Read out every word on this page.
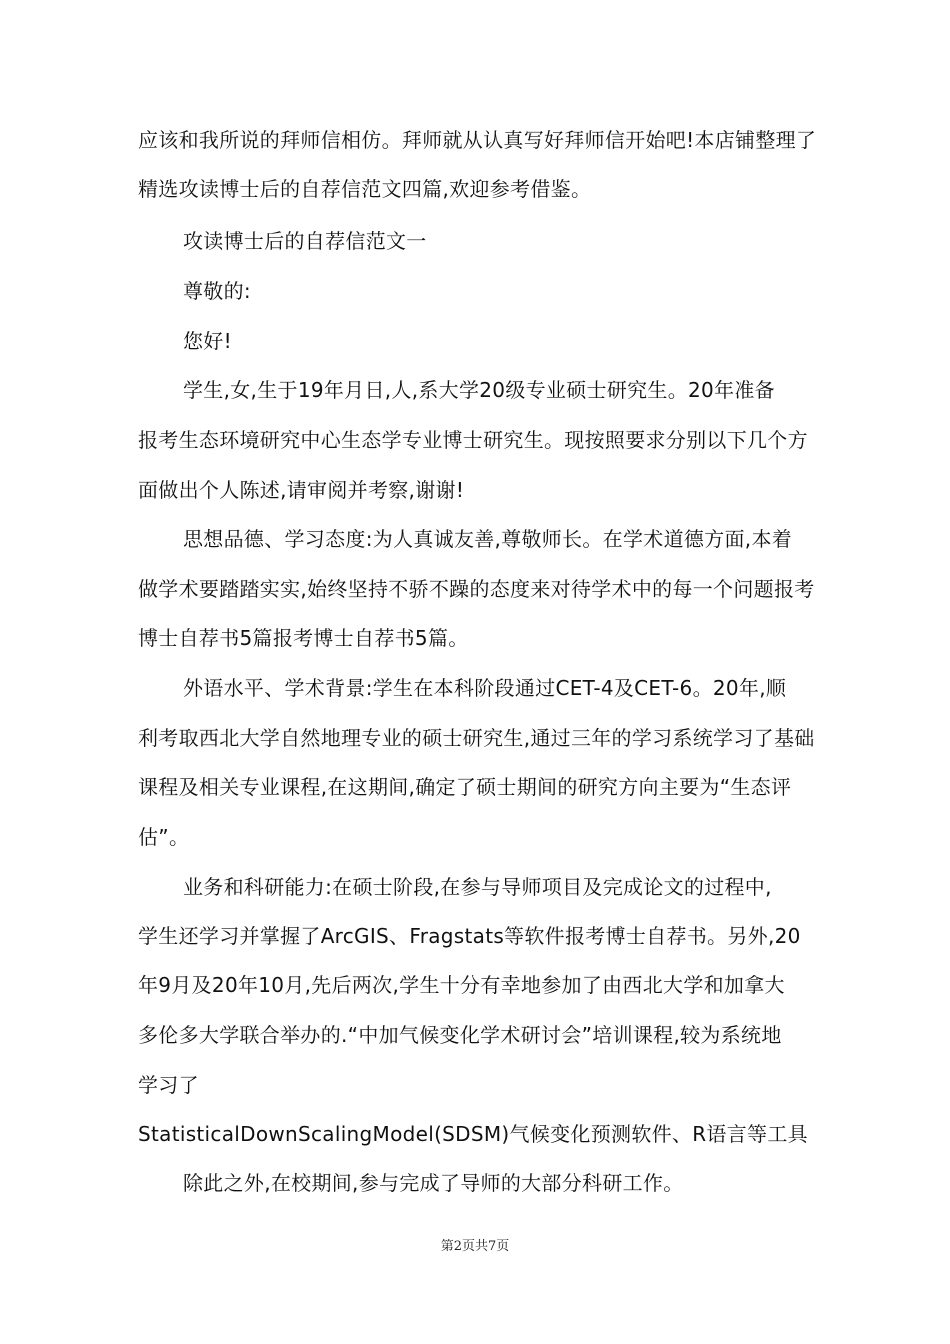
应该和我所说的拜师信相仿。拜师就从认真写好拜师信开始吧!本店铺整理了
精选攻读博士后的自荐信范文四篇,欢迎参考借鉴。
攻读博士后的自荐信范文一
尊敬的:
您好!
学生,女,生于19年月日,人,系大学20级专业硕士研究生。20年准备
报考生态环境研究中心生态学专业博士研究生。现按照要求分别以下几个方
面做出个人陈述,请审阅并考察,谢谢!
思想品德、学习态度:为人真诚友善,尊敬师长。在学术道德方面,本着
做学术要踏踏实实,始终坚持不骄不躁的态度来对待学术中的每一个问题报考
博士自荐书5篇报考博士自荐书5篇。
外语水平、学术背景:学生在本科阶段通过CET-4及CET-6。20年,顺
利考取西北大学自然地理专业的硕士研究生,通过三年的学习系统学习了基础
课程及相关专业课程,在这期间,确定了硕士期间的研究方向主要为“生态评
估”。
业务和科研能力:在硕士阶段,在参与导师项目及完成论文的过程中,
学生还学习并掌握了ArcGIS、Fragstats等软件报考博士自荐书。另外,20
年9月及20年10月,先后两次,学生十分有幸地参加了由西北大学和加拿大
多伦多大学联合举办的.“中加气候变化学术研讨会”培训课程,较为系统地
学习了
StatisticalDownScalingModel(SDSM)气候变化预测软件、R语言等工具
除此之外,在校期间,参与完成了导师的大部分科研工作。
第2页共7页
